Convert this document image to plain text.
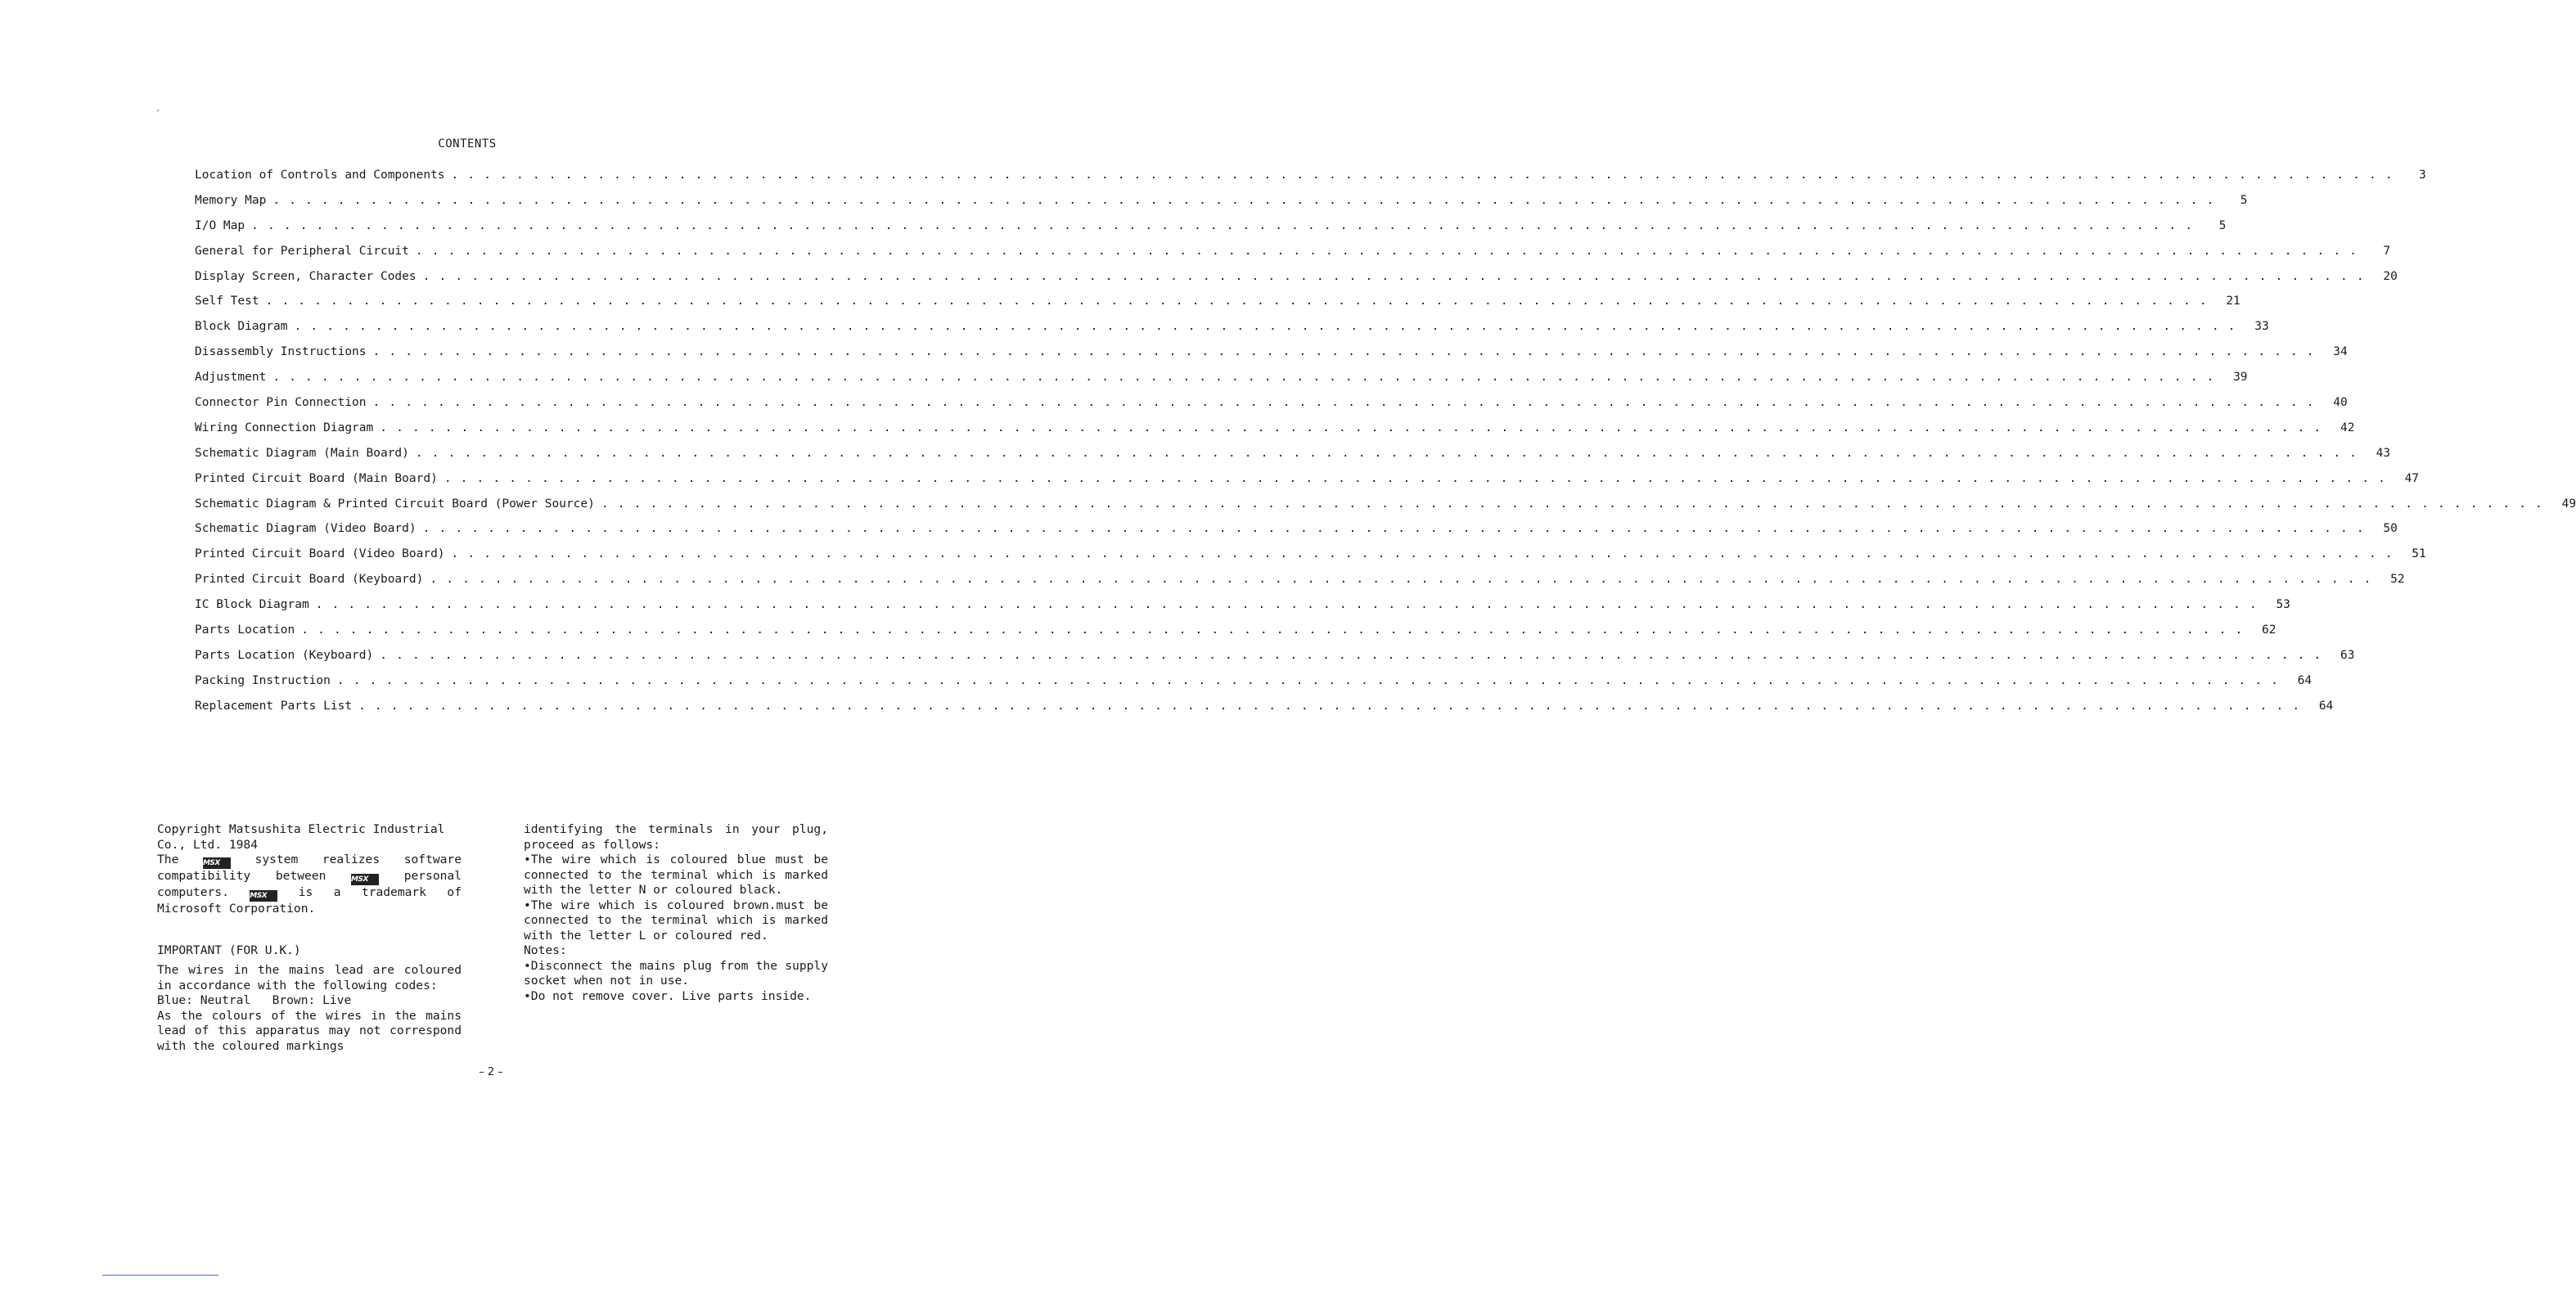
CONTENTS
Location of Controls and Components . . . . . . . . . . . . . . . . . . . . . . . . . . . . . . . . . . . . . . . . . . . . . . . . . . . . . . . . . . . . . . . . . . . . . . . . . . . . . . . . . . . . . . . . . . . . . . . . . . . . . . . . . . . . . . . . . . . . . . . .	3
Memory Map . . . . . . . . . . . . . . . . . . . . . . . . . . . . . . . . . . . . . . . . . . . . . . . . . . . . . . . . . . . . . . . . . . . . . . . . . . . . . . . . . . . . . . . . . . . . . . . . . . . . . . . . . . . . . . . . . . . . . . . .	5
I/O Map . . . . . . . . . . . . . . . . . . . . . . . . . . . . . . . . . . . . . . . . . . . . . . . . . . . . . . . . . . . . . . . . . . . . . . . . . . . . . . . . . . . . . . . . . . . . . . . . . . . . . . . . . . . . . . . . . . . . . . . .	5
General for Peripheral Circuit . . . . . . . . . . . . . . . . . . . . . . . . . . . . . . . . . . . . . . . . . . . . . . . . . . . . . . . . . . . . . . . . . . . . . . . . . . . . . . . . . . . . . . . . . . . . . . . . . . . . . . . . . . . . . . . . . . . . . . . .	7
Display Screen, Character Codes . . . . . . . . . . . . . . . . . . . . . . . . . . . . . . . . . . . . . . . . . . . . . . . . . . . . . . . . . . . . . . . . . . . . . . . . . . . . . . . . . . . . . . . . . . . . . . . . . . . . . . . . . . . . . . . . . . . . . . . .	20
Self Test . . . . . . . . . . . . . . . . . . . . . . . . . . . . . . . . . . . . . . . . . . . . . . . . . . . . . . . . . . . . . . . . . . . . . . . . . . . . . . . . . . . . . . . . . . . . . . . . . . . . . . . . . . . . . . . . . . . . . . . .	21
Block Diagram . . . . . . . . . . . . . . . . . . . . . . . . . . . . . . . . . . . . . . . . . . . . . . . . . . . . . . . . . . . . . . . . . . . . . . . . . . . . . . . . . . . . . . . . . . . . . . . . . . . . . . . . . . . . . . . . . . . . . . . .	33
Disassembly Instructions . . . . . . . . . . . . . . . . . . . . . . . . . . . . . . . . . . . . . . . . . . . . . . . . . . . . . . . . . . . . . . . . . . . . . . . . . . . . . . . . . . . . . . . . . . . . . . . . . . . . . . . . . . . . . . . . . . . . . . . .	34
Adjustment . . . . . . . . . . . . . . . . . . . . . . . . . . . . . . . . . . . . . . . . . . . . . . . . . . . . . . . . . . . . . . . . . . . . . . . . . . . . . . . . . . . . . . . . . . . . . . . . . . . . . . . . . . . . . . . . . . . . . . . .	39
Connector Pin Connection . . . . . . . . . . . . . . . . . . . . . . . . . . . . . . . . . . . . . . . . . . . . . . . . . . . . . . . . . . . . . . . . . . . . . . . . . . . . . . . . . . . . . . . . . . . . . . . . . . . . . . . . . . . . . . . . . . . . . . . .	40
Wiring Connection Diagram . . . . . . . . . . . . . . . . . . . . . . . . . . . . . . . . . . . . . . . . . . . . . . . . . . . . . . . . . . . . . . . . . . . . . . . . . . . . . . . . . . . . . . . . . . . . . . . . . . . . . . . . . . . . . . . . . . . . . . . .	42
Schematic Diagram (Main Board) . . . . . . . . . . . . . . . . . . . . . . . . . . . . . . . . . . . . . . . . . . . . . . . . . . . . . . . . . . . . . . . . . . . . . . . . . . . . . . . . . . . . . . . . . . . . . . . . . . . . . . . . . . . . . . . . . . . . . . . .	43
Printed Circuit Board (Main Board) . . . . . . . . . . . . . . . . . . . . . . . . . . . . . . . . . . . . . . . . . . . . . . . . . . . . . . . . . . . . . . . . . . . . . . . . . . . . . . . . . . . . . . . . . . . . . . . . . . . . . . . . . . . . . . . . . . . . . . . .	47
Schematic Diagram & Printed Circuit Board (Power Source) . . . . . . . . . . . . . . . . . . . . . . . . . . . . . . . . . . . . . . . . . . . . . . . . . . . . . . . . . . . . . . . . . . . . . . . . . . . . . . . . . . . . . . . . . . . . . . . . . . . . . . . . . . . . . . . . . . . . . . . .	49
Schematic Diagram (Video Board) . . . . . . . . . . . . . . . . . . . . . . . . . . . . . . . . . . . . . . . . . . . . . . . . . . . . . . . . . . . . . . . . . . . . . . . . . . . . . . . . . . . . . . . . . . . . . . . . . . . . . . . . . . . . . . . . . . . . . . . .	50
Printed Circuit Board (Video Board) . . . . . . . . . . . . . . . . . . . . . . . . . . . . . . . . . . . . . . . . . . . . . . . . . . . . . . . . . . . . . . . . . . . . . . . . . . . . . . . . . . . . . . . . . . . . . . . . . . . . . . . . . . . . . . . . . . . . . . . .	51
Printed Circuit Board (Keyboard) . . . . . . . . . . . . . . . . . . . . . . . . . . . . . . . . . . . . . . . . . . . . . . . . . . . . . . . . . . . . . . . . . . . . . . . . . . . . . . . . . . . . . . . . . . . . . . . . . . . . . . . . . . . . . . . . . . . . . . . .	52
IC Block Diagram . . . . . . . . . . . . . . . . . . . . . . . . . . . . . . . . . . . . . . . . . . . . . . . . . . . . . . . . . . . . . . . . . . . . . . . . . . . . . . . . . . . . . . . . . . . . . . . . . . . . . . . . . . . . . . . . . . . . . . . .	53
Parts Location . . . . . . . . . . . . . . . . . . . . . . . . . . . . . . . . . . . . . . . . . . . . . . . . . . . . . . . . . . . . . . . . . . . . . . . . . . . . . . . . . . . . . . . . . . . . . . . . . . . . . . . . . . . . . . . . . . . . . . . .	62
Parts Location (Keyboard) . . . . . . . . . . . . . . . . . . . . . . . . . . . . . . . . . . . . . . . . . . . . . . . . . . . . . . . . . . . . . . . . . . . . . . . . . . . . . . . . . . . . . . . . . . . . . . . . . . . . . . . . . . . . . . . . . . . . . . . .	63
Packing Instruction . . . . . . . . . . . . . . . . . . . . . . . . . . . . . . . . . . . . . . . . . . . . . . . . . . . . . . . . . . . . . . . . . . . . . . . . . . . . . . . . . . . . . . . . . . . . . . . . . . . . . . . . . . . . . . . . . . . . . . . .	64
Replacement Parts List . . . . . . . . . . . . . . . . . . . . . . . . . . . . . . . . . . . . . . . . . . . . . . . . . . . . . . . . . . . . . . . . . . . . . . . . . . . . . . . . . . . . . . . . . . . . . . . . . . . . . . . . . . . . . . . . . . . . . . . .	64
Copyright Matsushita Electric Industrial
Co., Ltd. 1984

The	MSX	system realizes software compatibility between	MSX	personal computers.	MSX	is a trademark of Microsoft Corporation.

IMPORTANT (FOR U.K.)

The wires in the mains lead are coloured in accordance with the following codes:

Blue: Neutral   Brown: Live

As the colours of the wires in the mains lead of this apparatus may not correspond with the coloured markings

identifying the terminals in your plug, proceed as follows:

•The wire which is coloured blue must be connected to the terminal which is marked with the letter N or coloured black.

•The wire which is coloured brown.must be connected to the terminal which is marked with the letter L or coloured red.

Notes:

•Disconnect the mains plug from the supply socket when not in use.

•Do not remove cover. Live parts inside.

– 2 –
